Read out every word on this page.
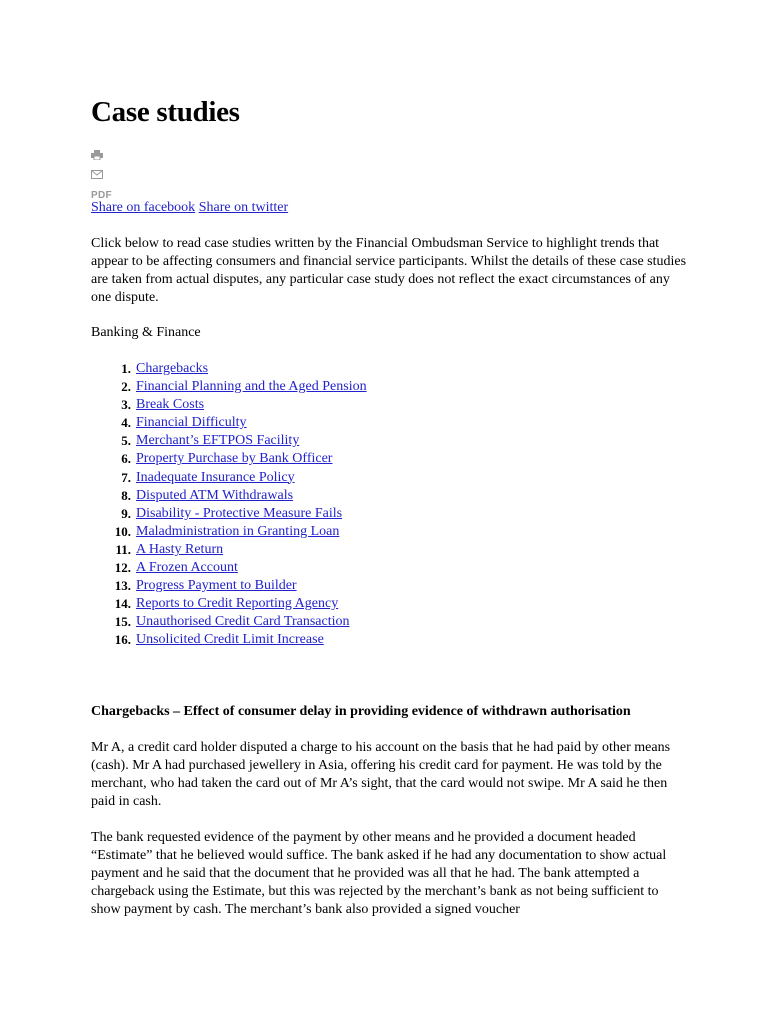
Case studies
PDF
Share on facebook Share on twitter

Click below to read case studies written by the Financial Ombudsman Service to highlight trends that appear to be affecting consumers and financial service participants. Whilst the details of these case studies are taken from actual disputes, any particular case study does not reflect the exact circumstances of any one dispute.

Banking & Finance

1. Chargebacks
2. Financial Planning and the Aged Pension
3. Break Costs
4. Financial Difficulty
5. Merchant’s EFTPOS Facility
6. Property Purchase by Bank Officer
7. Inadequate Insurance Policy
8. Disputed ATM Withdrawals
9. Disability - Protective Measure Fails
10. Maladministration in Granting Loan
11. A Hasty Return
12. A Frozen Account
13. Progress Payment to Builder
14. Reports to Credit Reporting Agency
15. Unauthorised Credit Card Transaction
16. Unsolicited Credit Limit Increase

Chargebacks – Effect of consumer delay in providing evidence of withdrawn authorisation

Mr A, a credit card holder disputed a charge to his account on the basis that he had paid by other means (cash). Mr A had purchased jewellery in Asia, offering his credit card for payment. He was told by the merchant, who had taken the card out of Mr A’s sight, that the card would not swipe. Mr A said he then paid in cash.

The bank requested evidence of the payment by other means and he provided a document headed “Estimate” that he believed would suffice. The bank asked if he had any documentation to show actual payment and he said that the document that he provided was all that he had. The bank attempted a chargeback using the Estimate, but this was rejected by the merchant’s bank as not being sufficient to show payment by cash. The merchant’s bank also provided a signed voucher
